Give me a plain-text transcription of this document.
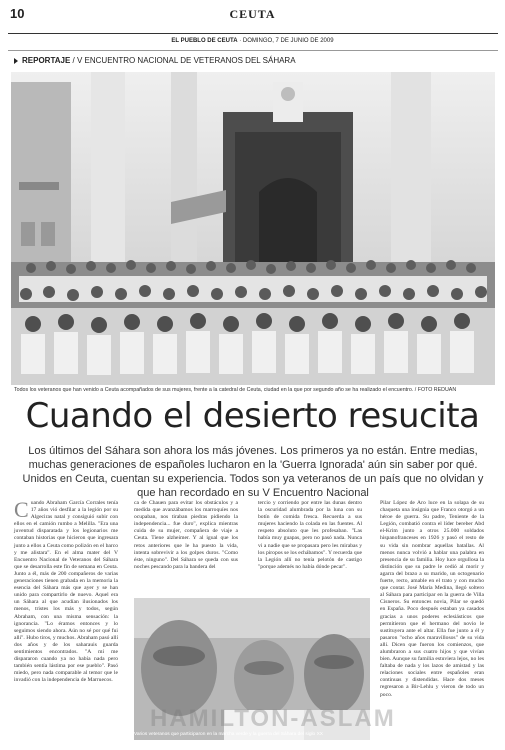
10	CEUTA
EL PUEBLO DE CEUTA · DOMINGO, 7 DE JUNIO DE 2009
REPORTAJE / V ENCUENTRO NACIONAL DE VETERANOS DEL SÁHARA
Todos los veteranos que han venido a Ceuta acompañados de sus mujeres, frente a la catedral de Ceuta, ciudad en la que por segundo año se ha realizado el encuentro. / FOTO REDUAN
Cuando el desierto resucita
Los últimos del Sáhara son ahora los más jóvenes. Los primeros ya no están. Entre medias, muchas generaciones de españoles lucharon en la 'Guerra Ignorada' aún sin saber por qué. Unidos en Ceuta, cuentan su experiencia. Todos son ya veteranos de un país que no olvidan y que han recordado en su V Encuentro Nacional
C uando Abraham García Corrales tenía 17 años vió desfilar a la legión por su Algeciras natal y consiguió subir con ellos en el camión rumbo a Melilla. "Era una juventud disparatada y los legionarios me contaban historias que hicieron que ingresara junto a ellos a Ceuta como polizón en el barco y me alistara". En el alma mater del V Encuentro Nacional de Veteranos del Sáhara que se desarrolla este fin de semana en Ceuta. Junto a él, más de 200 compañeros de varias generaciones tienen grabada en la memoria la esencia del Sáhara más que ayer y se han unido para compartirlo de nuevo. Aquel era un Sáhara al que acudían ilusionados los menos, tristes los más y todos, según Abraham, con una misma sensación: la ignorancia. "Lo éramos entonces y lo seguimos siendo ahora. Aún no sé por qué fui allí". Hubo tiros, y muchos. Abraham pasó allí dos años y de los saharauis guarda sentimientos encontrados. "A mí me dispararon cuando ya no había nada pero también sentía lástima por ese pueblo". Pasó miedo, pero nada comparable al temor que le invadió con la independencia de Marruecos.

ca de Chauen para evitar los obstáculos y a medida que avanzábamos los marroquíes nos ocupaban, nos tiraban piedras pidiendo la independencia... fue duro", explica mientras cuida de su mujer, compañera de viaje a Ceuta. Tiene alzheimer. Y al igual que los retos anteriores que le ha puesto la vida, intenta sobrevivir a los golpes duros. "Como éste, ninguno". Del Sáhara se queda con sus noches pescando para la bandera del

tercio y corriendo por entre las dunas dentro la oscuridad alumbrada por la luna con su botín de comida fresca. Recuerda a sus mujeres haciendo la colada en las fuentes. Al respeto absoluto que les profesaban. "Las había muy guapas, pero no pasó nada. Nunca vi a nadie que se propasara pero les mirabas y los piropos se los echábamos". Y recuerda que la Legión allí no tenía pelotón de castigo "porque ademés no había dónde pecar".

Pilar López de Aro luce en la solapa de su chaqueta una insignia que Franco otorgó a un héroe de guerra. Su padre, Teniente de la Legión, combatió contra el líder bereber Abd el-Krim junto a otros 25.000 soldados hispanofranceses en 1926 y pasó el resto de su vida sin nombrar aquellas batallas. Al menos nunca volvió a hablar una palabra en presencia de su familia. Hoy luce orgullosa la distinción que su padre le cedió al morir y agarra del brazo a su marido, un octogenario fuerte, recto, amable en el trato y con mucho que contar. José María Medina, llegó soltero al Sáhara para participar en la guerra de Villa Cisneros. Su entonces novia, Pilar se quedó en España. Poco después estaban ya casados gracias a unos poderes eclesiásticos que permitieron que el hermano del novio le sustituyera ante el altar. Ella fue junto a él y pasaron "ocho años maravillosos" de su vida allí. Dicen que fueron los comienzos, que alumbraron a sus cuatro hijos y que vivían bien. Aunque su familia estuviera lejos, no les faltaba de nada y los lazos de amistad y las relaciones sociales entre españoles eran continuas y distendidas. Hace dos meses regresaron a Bir-Lehlu y vieron de todo un poco.

Varios veteranos que participaron en la marcha verde y la guerra del Sáhara del siglo XX
HAMILTON-ASLAM
